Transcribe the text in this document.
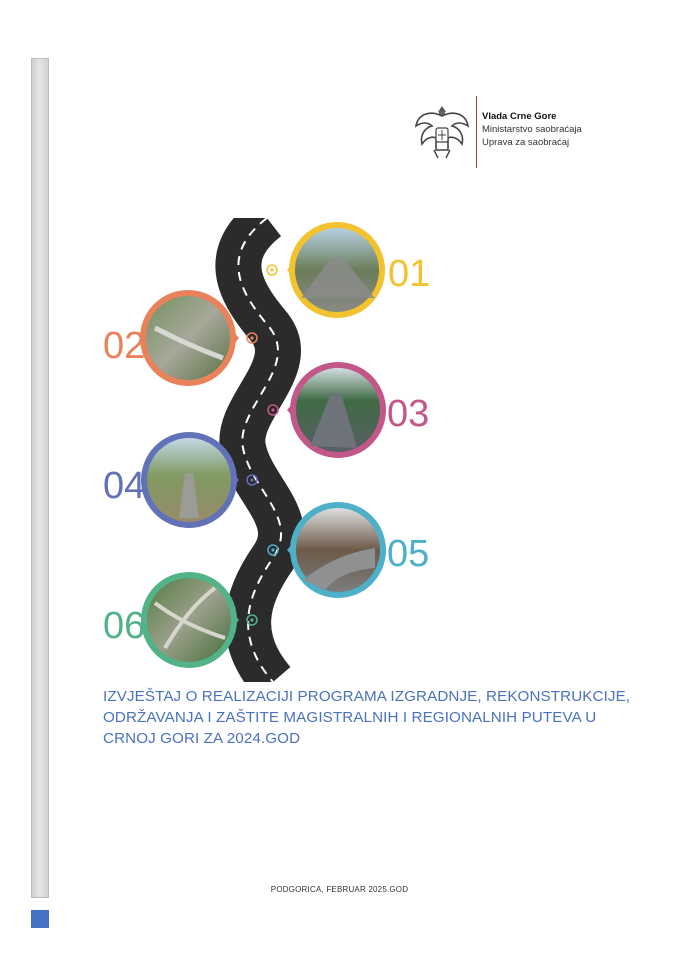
Vlada Crne Gore
Ministarstvo saobraćaja
Uprava za saobraćaj
01
02
03
04
05
06
IZVJEŠTAJ O REALIZACIJI PROGRAMA IZGRADNJE, REKONSTRUKCIJE,
ODRŽAVANJA I ZAŠTITE MAGISTRALNIH I REGIONALNIH PUTEVA U
CRNOJ GORI ZA 2024.GOD
PODGORICA, FEBRUAR 2025.GOD
